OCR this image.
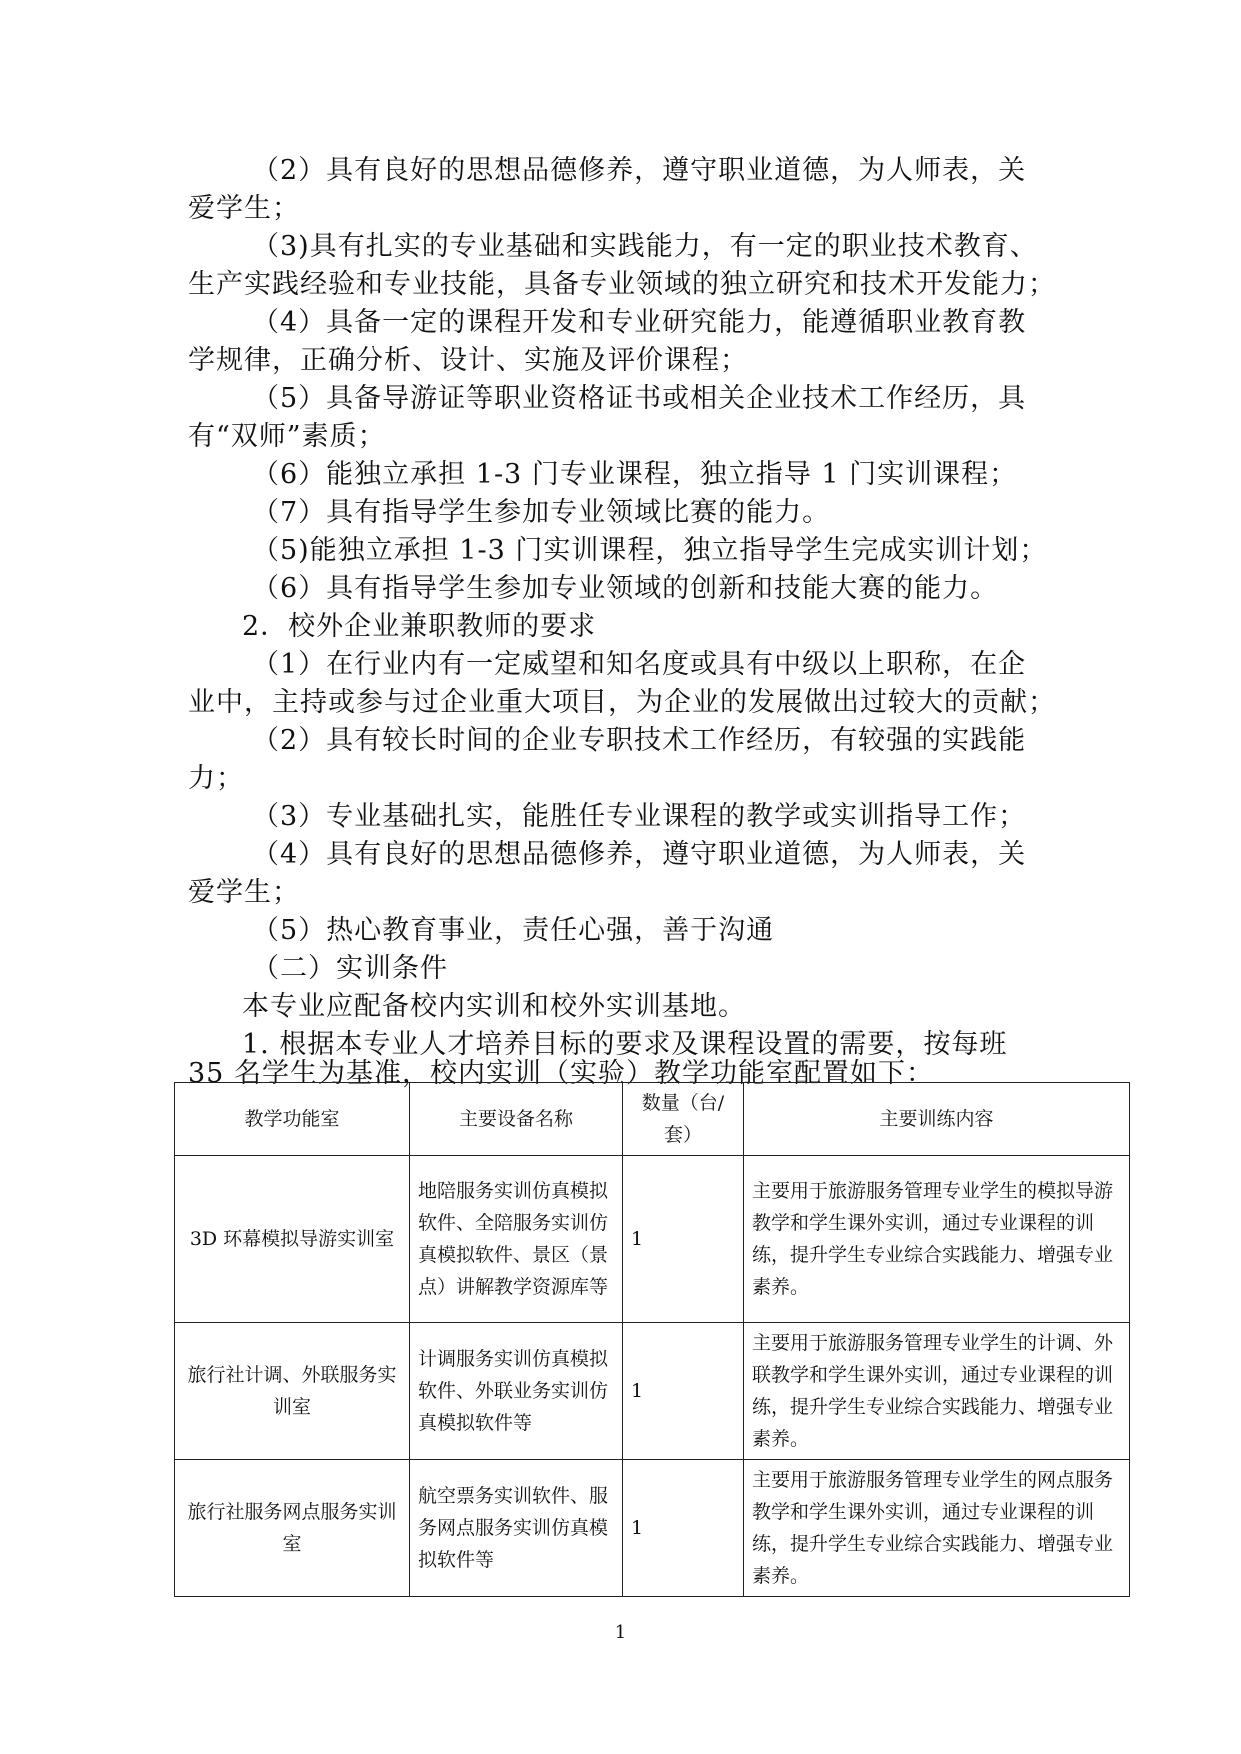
（2）具有良好的思想品德修养，遵守职业道德，为人师表，关
爱学生；
（3)具有扎实的专业基础和实践能力，有一定的职业技术教育、
生产实践经验和专业技能，具备专业领域的独立研究和技术开发能力；
（4）具备一定的课程开发和专业研究能力，能遵循职业教育教
学规律，正确分析、设计、实施及评价课程；
（5）具备导游证等职业资格证书或相关企业技术工作经历，具
有“双师”素质；
（6）能独立承担 1-3 门专业课程，独立指导 1 门实训课程；
（7）具有指导学生参加专业领域比赛的能力。
（5)能独立承担 1-3 门实训课程，独立指导学生完成实训计划；
（6）具有指导学生参加专业领域的创新和技能大赛的能力。
2．校外企业兼职教师的要求
（1）在行业内有一定威望和知名度或具有中级以上职称，在企
业中，主持或参与过企业重大项目，为企业的发展做出过较大的贡献；
（2）具有较长时间的企业专职技术工作经历，有较强的实践能
力；
（3）专业基础扎实，能胜任专业课程的教学或实训指导工作；
（4）具有良好的思想品德修养，遵守职业道德，为人师表，关
爱学生；
（5）热心教育事业，责任心强，善于沟通
（二）实训条件
本专业应配备校内实训和校外实训基地。
1. 根据本专业人才培养目标的要求及课程设置的需要，按每班
35 名学生为基准，校内实训（实验）教学功能室配置如下：
教学功能室	主要设备名称	数量（台/套）	主要训练内容
3D 环幕模拟导游实训室	地陪服务实训仿真模拟软件、全陪服务实训仿真模拟软件、景区（景点）讲解教学资源库等	1	主要用于旅游服务管理专业学生的模拟导游教学和学生课外实训，通过专业课程的训练，提升学生专业综合实践能力、增强专业素养。
旅行社计调、外联服务实训室	计调服务实训仿真模拟软件、外联业务实训仿真模拟软件等	1	主要用于旅游服务管理专业学生的计调、外联教学和学生课外实训，通过专业课程的训练，提升学生专业综合实践能力、增强专业素养。
旅行社服务网点服务实训室	航空票务实训软件、服务网点服务实训仿真模拟软件等	1	主要用于旅游服务管理专业学生的网点服务教学和学生课外实训，通过专业课程的训练，提升学生专业综合实践能力、增强专业素养。
1
